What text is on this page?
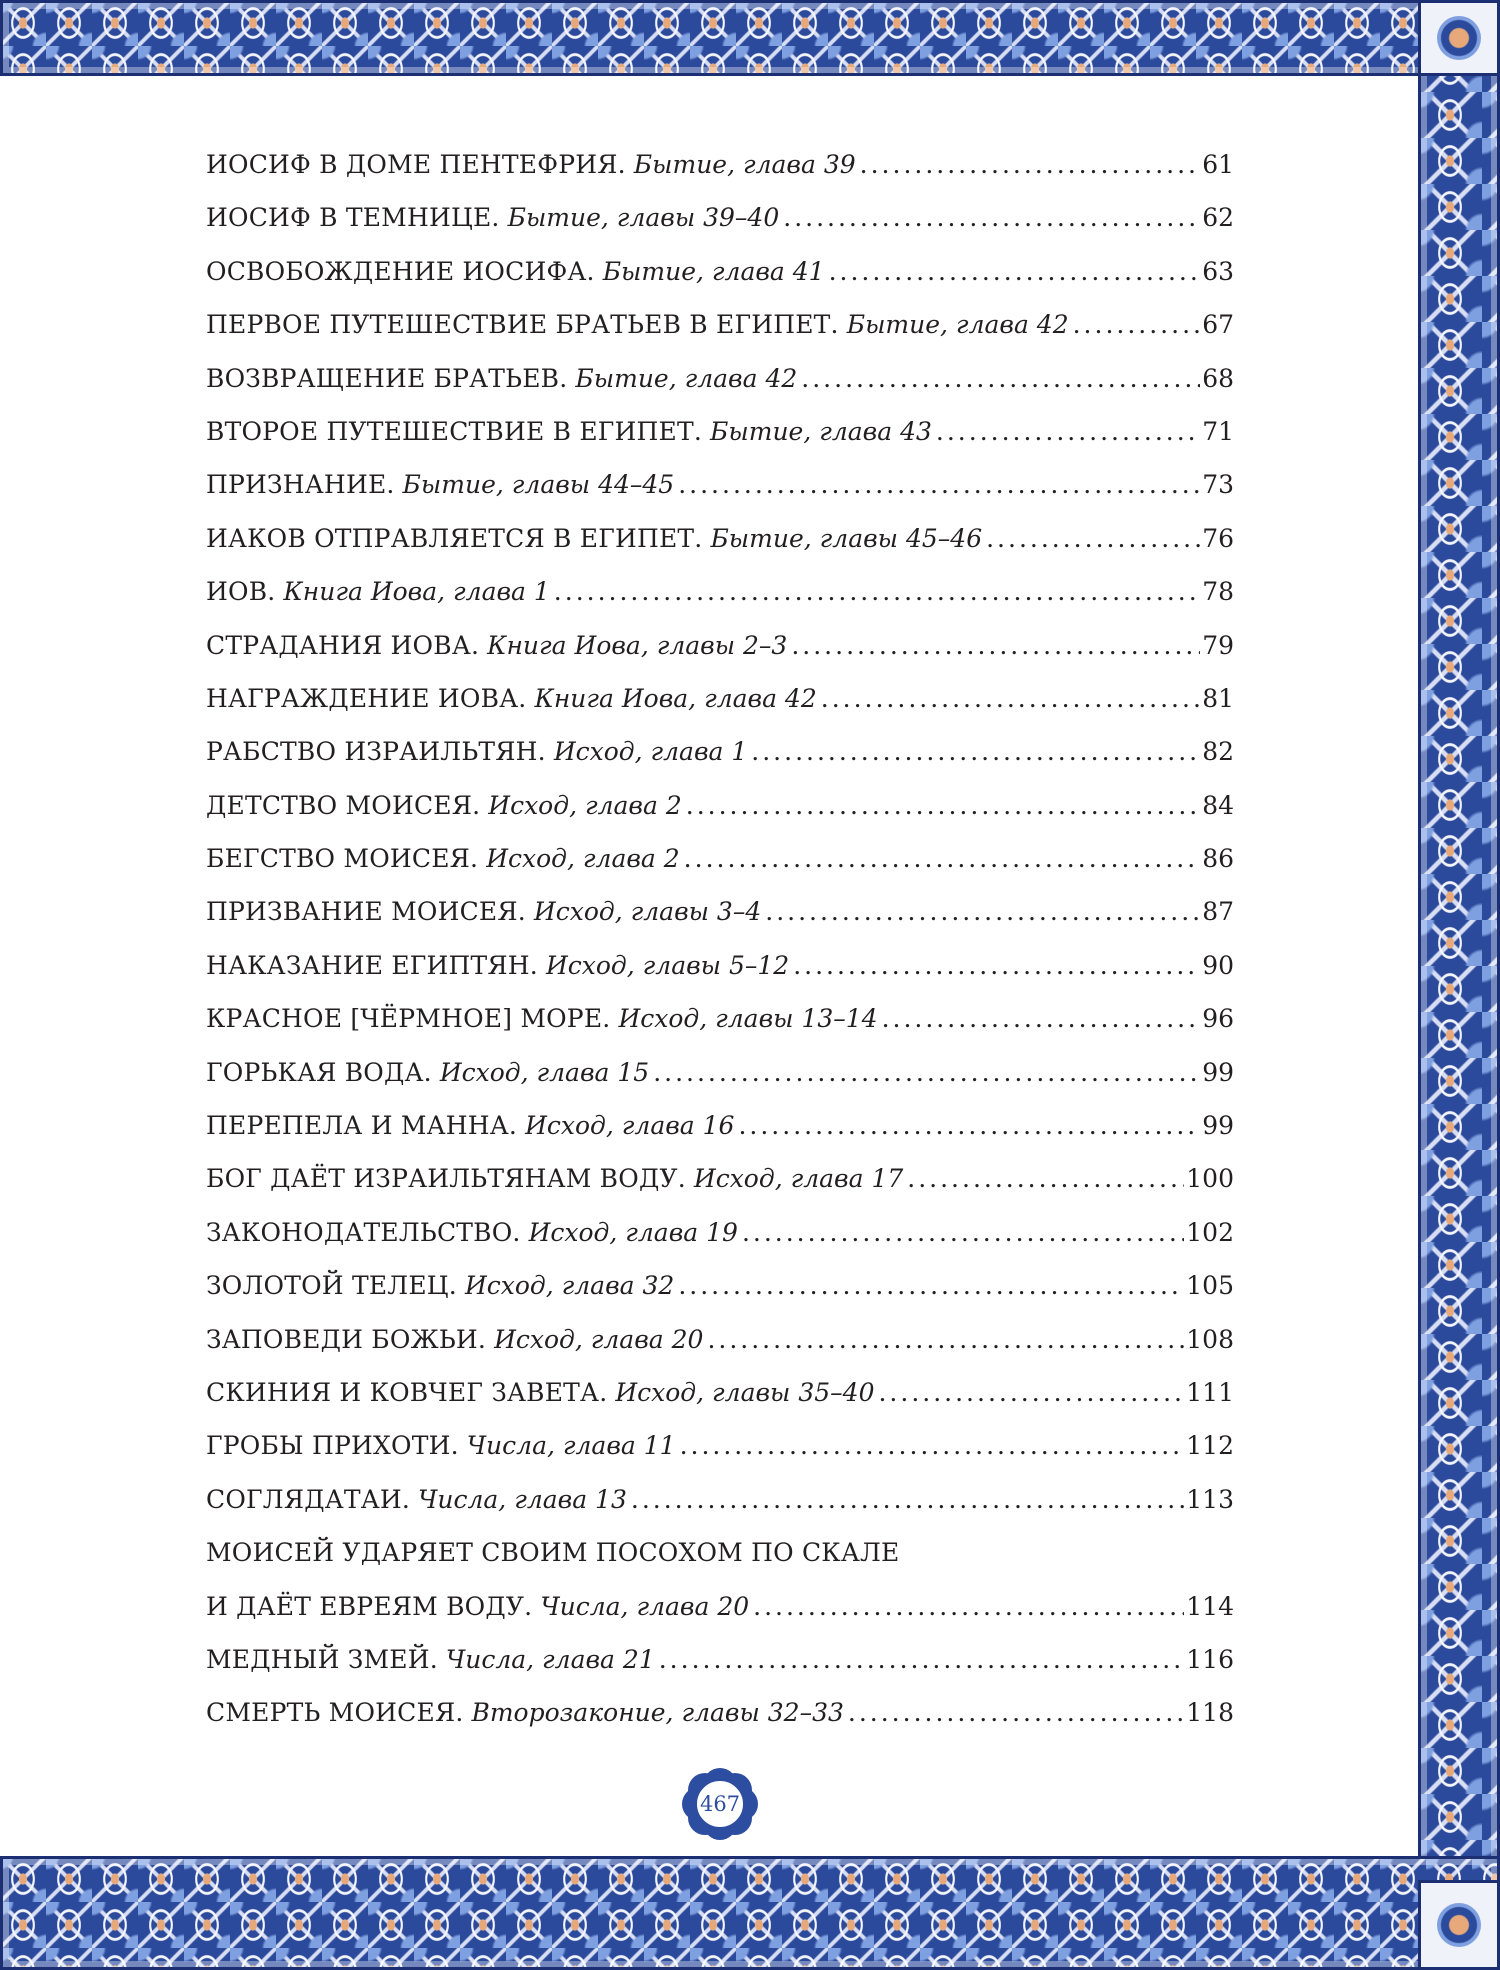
ИОСИФ В ДОМЕ ПЕНТЕФРИЯ. Бытие, глава 39 .....	61
ИОСИФ В ТЕМНИЦЕ. Бытие, главы 39–40 .....	62
ОСВОБОЖДЕНИЕ ИОСИФА. Бытие, глава 41 .....	63
ПЕРВОЕ ПУТЕШЕСТВИЕ БРАТЬЕВ В ЕГИПЕТ. Бытие, глава 42 .....	67
ВОЗВРАЩЕНИЕ БРАТЬЕВ. Бытие, глава 42 .....	68
ВТОРОЕ ПУТЕШЕСТВИЕ В ЕГИПЕТ. Бытие, глава 43 .....	71
ПРИЗНАНИЕ. Бытие, главы 44–45 .....	73
ИАКОВ ОТПРАВЛЯЕТСЯ В ЕГИПЕТ. Бытие, главы 45–46 .....	76
ИОВ. Книга Иова, глава 1 .....	78
СТРАДАНИЯ ИОВА. Книга Иова, главы 2–3 .....	79
НАГРАЖДЕНИЕ ИОВА. Книга Иова, глава 42 .....	81
РАБСТВО ИЗРАИЛЬТЯН. Исход, глава 1 .....	82
ДЕТСТВО МОИСЕЯ. Исход, глава 2 .....	84
БЕГСТВО МОИСЕЯ. Исход, глава 2 .....	86
ПРИЗВАНИЕ МОИСЕЯ. Исход, главы 3–4 .....	87
НАКАЗАНИЕ ЕГИПТЯН. Исход, главы 5–12 .....	90
КРАСНОЕ [ЧЁРМНОЕ] МОРЕ. Исход, главы 13–14 .....	96
ГОРЬКАЯ ВОДА. Исход, глава 15 .....	99
ПЕРЕПЕЛА И МАННА. Исход, глава 16 .....	99
БОГ ДАЁТ ИЗРАИЛЬТЯНАМ ВОДУ. Исход, глава 17 .....	100
ЗАКОНОДАТЕЛЬСТВО. Исход, глава 19 .....	102
ЗОЛОТОЙ ТЕЛЕЦ. Исход, глава 32 .....	105
ЗАПОВЕДИ БОЖЬИ. Исход, глава 20 .....	108
СКИНИЯ И КОВЧЕГ ЗАВЕТА. Исход, главы 35–40 .....	111
ГРОБЫ ПРИХОТИ. Числа, глава 11 .....	112
СОГЛЯДАТАИ. Числа, глава 13 .....	113
МОИСЕЙ УДАРЯЕТ СВОИМ ПОСОХОМ ПО СКАЛЕ
И ДАЁТ ЕВРЕЯМ ВОДУ. Числа, глава 20 .....	114
МЕДНЫЙ ЗМЕЙ. Числа, глава 21 .....	116
СМЕРТЬ МОИСЕЯ. Второзаконие, главы 32–33 .....	118
467
